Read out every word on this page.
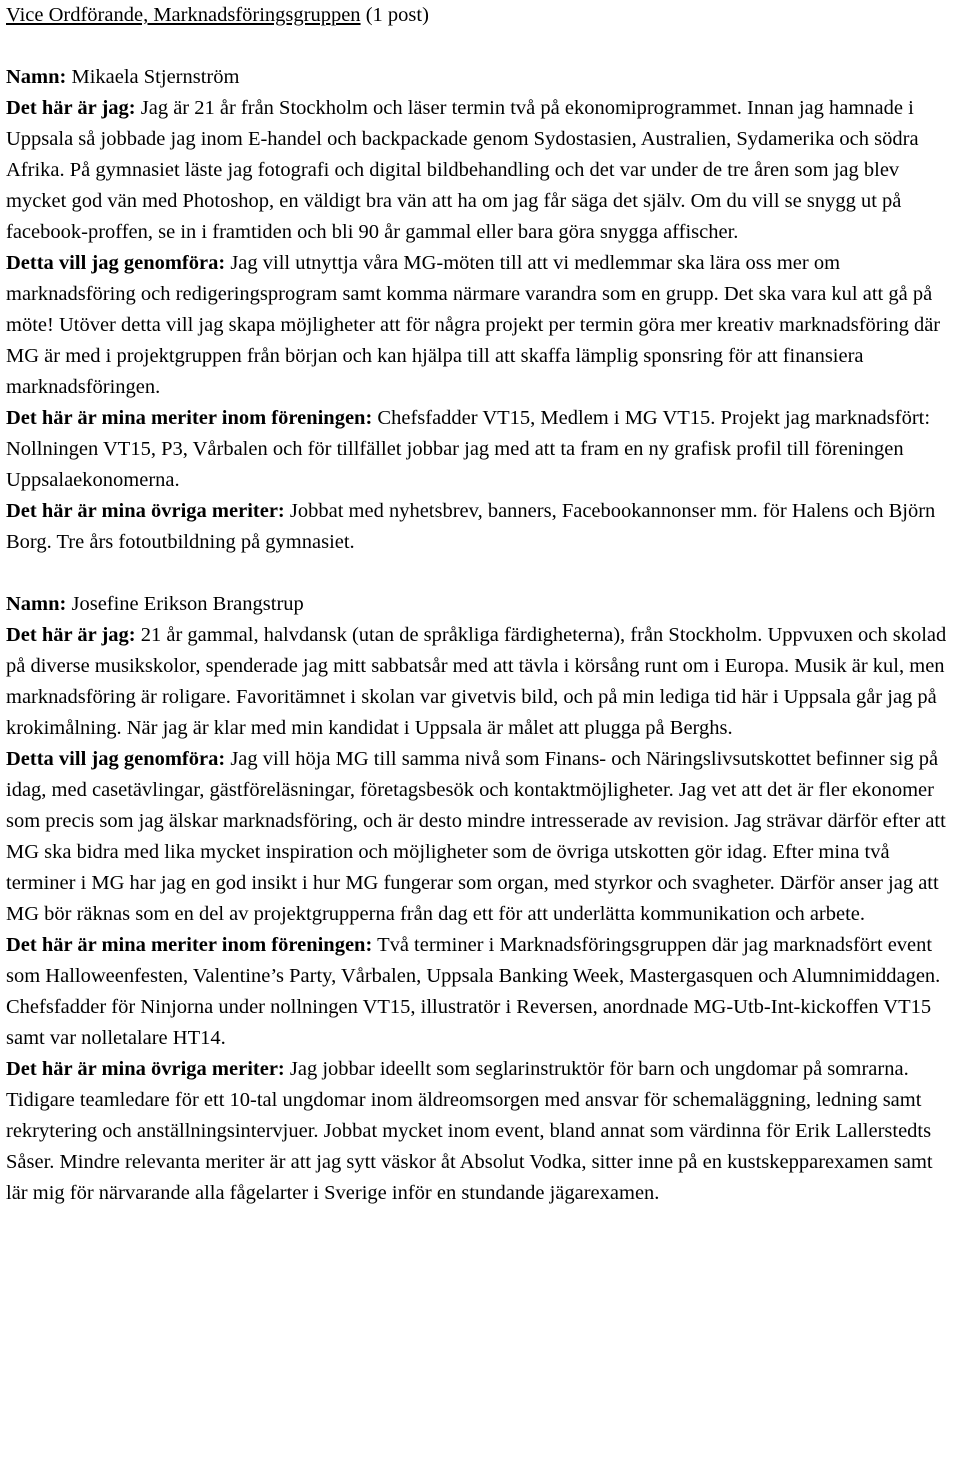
Vice Ordförande, Marknadsföringsgruppen (1 post)

Namn: Mikaela Stjernström

Det här är jag: Jag är 21 år från Stockholm och läser termin två på ekonomiprogrammet. Innan jag hamnade i Uppsala så jobbade jag inom E-handel och backpackade genom Sydostasien, Australien, Sydamerika och södra Afrika. På gymnasiet läste jag fotografi och digital bildbehandling och det var under de tre åren som jag blev mycket god vän med Photoshop, en väldigt bra vän att ha om jag får säga det själv. Om du vill se snygg ut på facebook-proffen, se in i framtiden och bli 90 år gammal eller bara göra snygga affischer.

Detta vill jag genomföra: Jag vill utnyttja våra MG-möten till att vi medlemmar ska lära oss mer om marknadsföring och redigeringsprogram samt komma närmare varandra som en grupp. Det ska vara kul att gå på möte! Utöver detta vill jag skapa möjligheter att för några projekt per termin göra mer kreativ marknadsföring där MG är med i projektgruppen från början och kan hjälpa till att skaffa lämplig sponsring för att finansiera marknadsföringen.

Det här är mina meriter inom föreningen: Chefsfadder VT15, Medlem i MG VT15. Projekt jag marknadsfört: Nollningen VT15, P3, Vårbalen och för tillfället jobbar jag med att ta fram en ny grafisk profil till föreningen Uppsalaekonomerna.

Det här är mina övriga meriter: Jobbat med nyhetsbrev, banners, Facebookannonser mm. för Halens och Björn Borg. Tre års fotoutbildning på gymnasiet.

Namn: Josefine Erikson Brangstrup

Det här är jag: 21 år gammal, halvdansk (utan de språkliga färdigheterna), från Stockholm. Uppvuxen och skolad på diverse musikskolor, spenderade jag mitt sabbatsår med att tävla i körsång runt om i Europa. Musik är kul, men marknadsföring är roligare. Favoritämnet i skolan var givetvis bild, och på min lediga tid här i Uppsala går jag på krokimålning. När jag är klar med min kandidat i Uppsala är målet att plugga på Berghs.

Detta vill jag genomföra: Jag vill höja MG till samma nivå som Finans- och Näringslivsutskottet befinner sig på idag, med casetävlingar, gästföreläsningar, företagsbesök och kontaktmöjligheter. Jag vet att det är fler ekonomer som precis som jag älskar marknadsföring, och är desto mindre intresserade av revision. Jag strävar därför efter att MG ska bidra med lika mycket inspiration och möjligheter som de övriga utskotten gör idag. Efter mina två terminer i MG har jag en god insikt i hur MG fungerar som organ, med styrkor och svagheter. Därför anser jag att MG bör räknas som en del av projektgrupperna från dag ett för att underlätta kommunikation och arbete.

Det här är mina meriter inom föreningen: Två terminer i Marknadsföringsgruppen där jag marknadsfört event som Halloweenfesten, Valentine’s Party, Vårbalen, Uppsala Banking Week, Mastergasquen och Alumnimiddagen. Chefsfadder för Ninjorna under nollningen VT15, illustratör i Reversen, anordnade MG-Utb-Int-kickoffen VT15 samt var nolletalare HT14.

Det här är mina övriga meriter: Jag jobbar ideellt som seglarinstruktör för barn och ungdomar på somrarna. Tidigare teamledare för ett 10-tal ungdomar inom äldreomsorgen med ansvar för schemaläggning, ledning samt rekrytering och anställningsintervjuer. Jobbat mycket inom event, bland annat som värdinna för Erik Lallerstedts Såser. Mindre relevanta meriter är att jag sytt väskor åt Absolut Vodka, sitter inne på en kustskepparexamen samt lär mig för närvarande alla fågelarter i Sverige inför en stundande jägarexamen.
